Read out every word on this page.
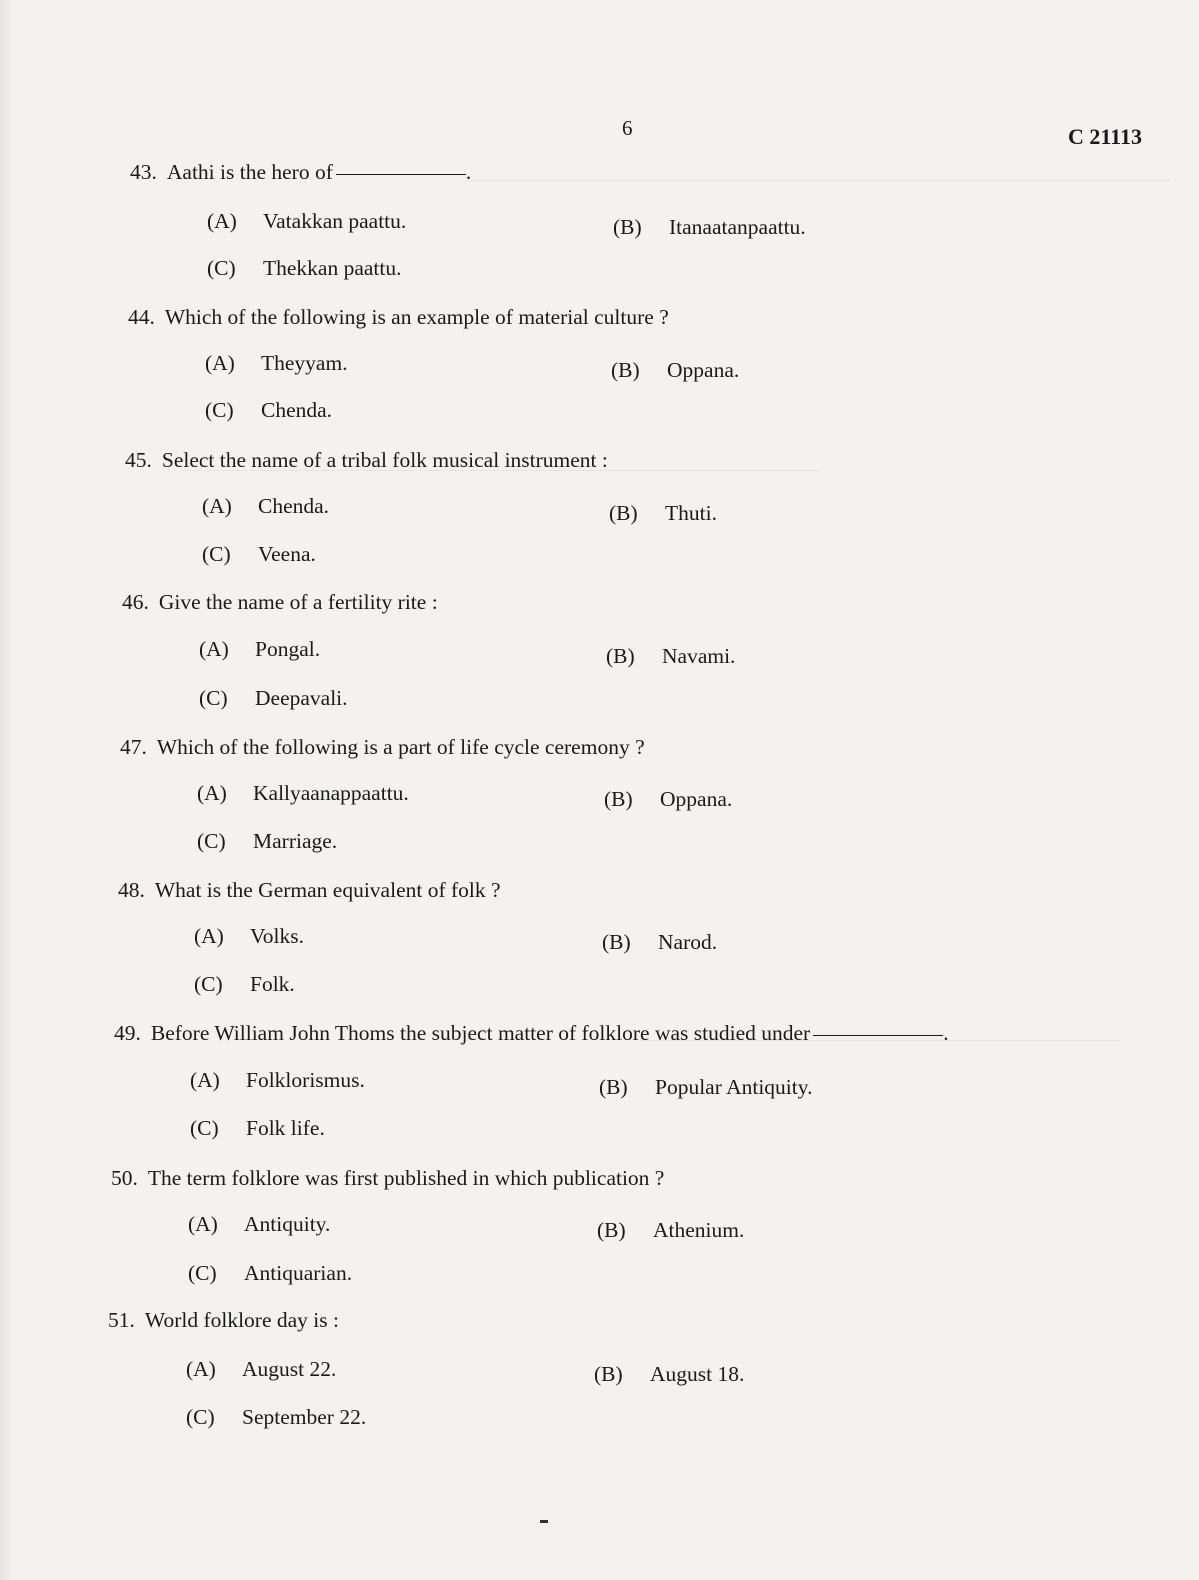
6	C 21113
43. Aathi is the hero of	.
(A) Vatakkan paattu.	(B) Itanaatanpaattu.
(C) Thekkan paattu.
44. Which of the following is an example of material culture ?
(A) Theyyam.	(B) Oppana.
(C) Chenda.
45. Select the name of a tribal folk musical instrument :
(A) Chenda.	(B) Thuti.
(C) Veena.
46. Give the name of a fertility rite :
(A) Pongal.	(B) Navami.
(C) Deepavali.
47. Which of the following is a part of life cycle ceremony ?
(A) Kallyaanappaattu.	(B) Oppana.
(C) Marriage.
48. What is the German equivalent of folk ?
(A) Volks.	(B) Narod.
(C) Folk.
49. Before William John Thoms the subject matter of folklore was studied under	.
(A) Folklorismus.	(B) Popular Antiquity.
(C) Folk life.
50. The term folklore was first published in which publication ?
(A) Antiquity.	(B) Athenium.
(C) Antiquarian.
51. World folklore day is :
(A) August 22.	(B) August 18.
(C) September 22.
